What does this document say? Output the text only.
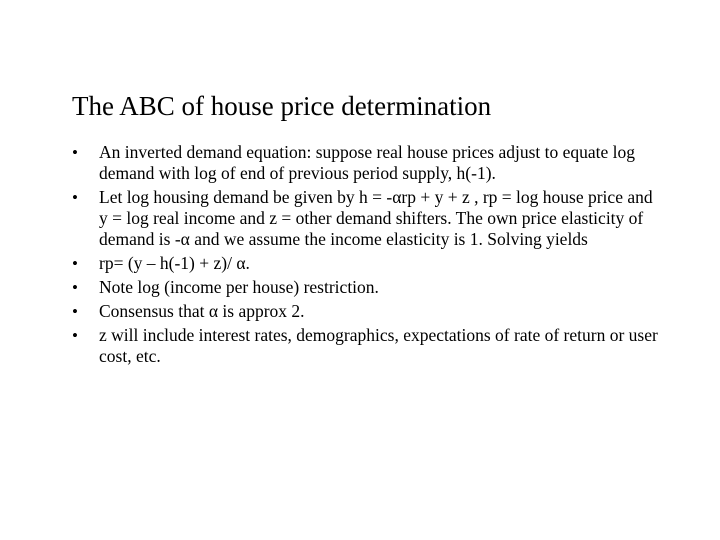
The ABC of house price determination
• An inverted demand equation: suppose real house prices adjust to equate log demand with log of end of previous period supply, h(-1).
• Let log housing demand be given by h = -αrp + y + z , rp = log house price and y = log real income and z = other demand shifters. The own price elasticity of demand is -α and we assume the income elasticity is 1. Solving yields
• rp= (y – h(-1) + z)/ α.
• Note log (income per house) restriction.
• Consensus that α is approx 2.
• z will include interest rates, demographics, expectations of rate of return or user cost, etc.
